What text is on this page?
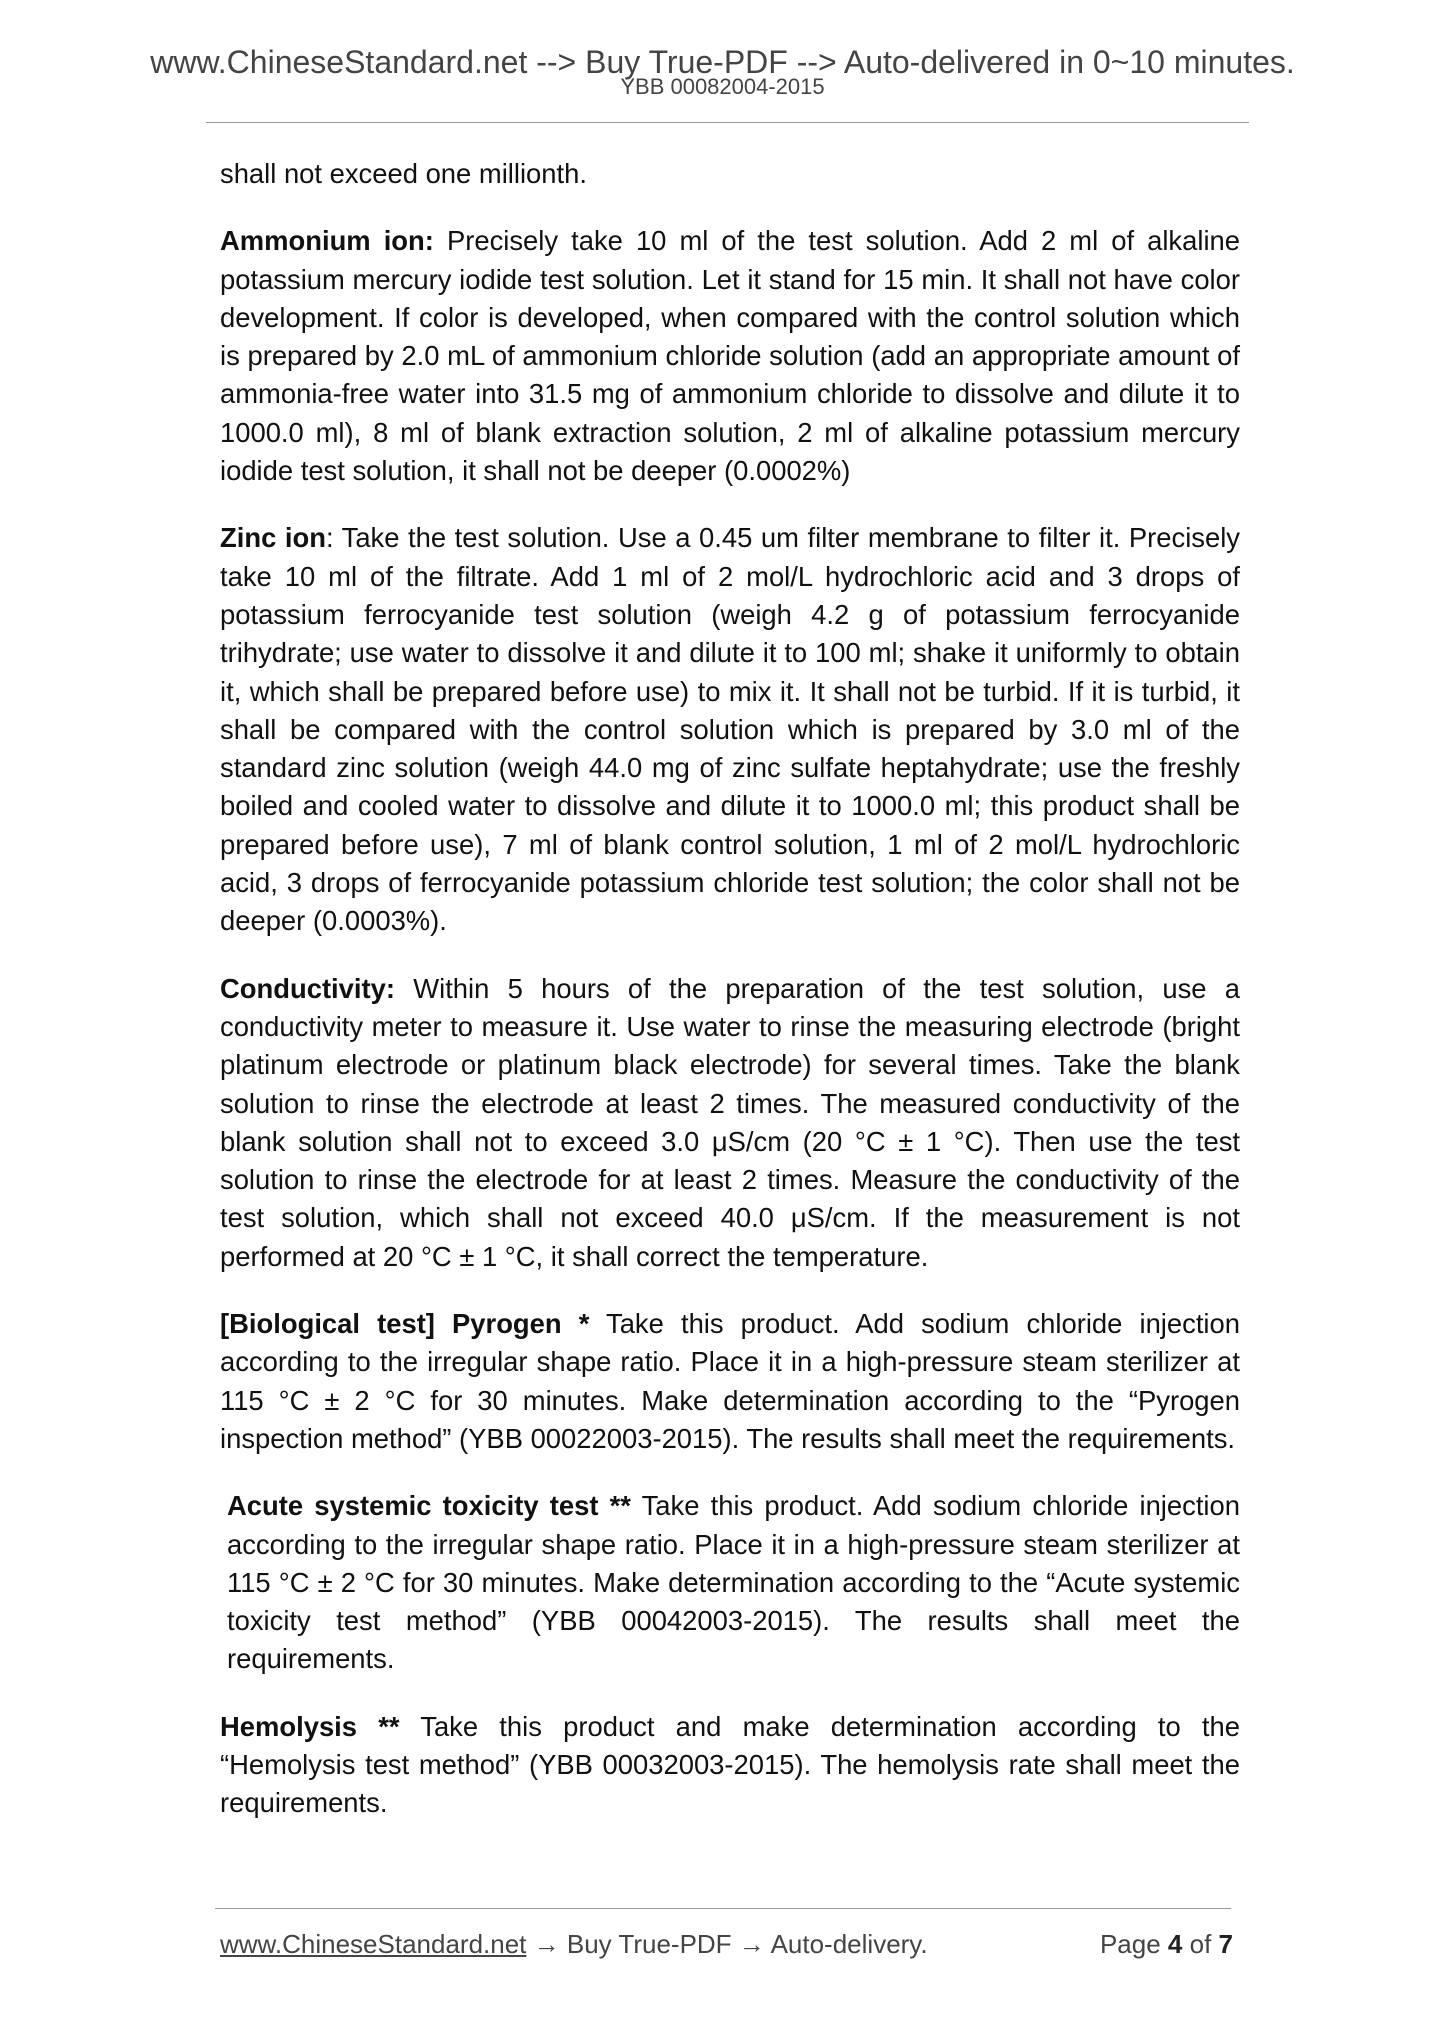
www.ChineseStandard.net --> Buy True-PDF --> Auto-delivered in 0~10 minutes.
YBB 00082004-2015

shall not exceed one millionth.

Ammonium ion: Precisely take 10 ml of the test solution. Add 2 ml of alkaline potassium mercury iodide test solution. Let it stand for 15 min. It shall not have color development. If color is developed, when compared with the control solution which is prepared by 2.0 mL of ammonium chloride solution (add an appropriate amount of ammonia-free water into 31.5 mg of ammonium chloride to dissolve and dilute it to 1000.0 ml), 8 ml of blank extraction solution, 2 ml of alkaline potassium mercury iodide test solution, it shall not be deeper (0.0002%)

Zinc ion: Take the test solution. Use a 0.45 um filter membrane to filter it. Precisely take 10 ml of the filtrate. Add 1 ml of 2 mol/L hydrochloric acid and 3 drops of potassium ferrocyanide test solution (weigh 4.2 g of potassium ferrocyanide trihydrate; use water to dissolve it and dilute it to 100 ml; shake it uniformly to obtain it, which shall be prepared before use) to mix it. It shall not be turbid. If it is turbid, it shall be compared with the control solution which is prepared by 3.0 ml of the standard zinc solution (weigh 44.0 mg of zinc sulfate heptahydrate; use the freshly boiled and cooled water to dissolve and dilute it to 1000.0 ml; this product shall be prepared before use), 7 ml of blank control solution, 1 ml of 2 mol/L hydrochloric acid, 3 drops of ferrocyanide potassium chloride test solution; the color shall not be deeper (0.0003%).

Conductivity: Within 5 hours of the preparation of the test solution, use a conductivity meter to measure it. Use water to rinse the measuring electrode (bright platinum electrode or platinum black electrode) for several times. Take the blank solution to rinse the electrode at least 2 times. The measured conductivity of the blank solution shall not to exceed 3.0 μS/cm (20 °C ± 1 °C). Then use the test solution to rinse the electrode for at least 2 times. Measure the conductivity of the test solution, which shall not exceed 40.0 μS/cm. If the measurement is not performed at 20 °C ± 1 °C, it shall correct the temperature.

[Biological test] Pyrogen * Take this product. Add sodium chloride injection according to the irregular shape ratio. Place it in a high-pressure steam sterilizer at 115 °C ± 2 °C for 30 minutes. Make determination according to the “Pyrogen inspection method” (YBB 00022003-2015). The results shall meet the requirements.

Acute systemic toxicity test ** Take this product. Add sodium chloride injection according to the irregular shape ratio. Place it in a high-pressure steam sterilizer at 115 °C ± 2 °C for 30 minutes. Make determination according to the “Acute systemic toxicity test method” (YBB 00042003-2015). The results shall meet the requirements.

Hemolysis ** Take this product and make determination according to the “Hemolysis test method” (YBB 00032003-2015). The hemolysis rate shall meet the requirements.

www.ChineseStandard.net → Buy True-PDF → Auto-delivery.	Page 4 of 7
